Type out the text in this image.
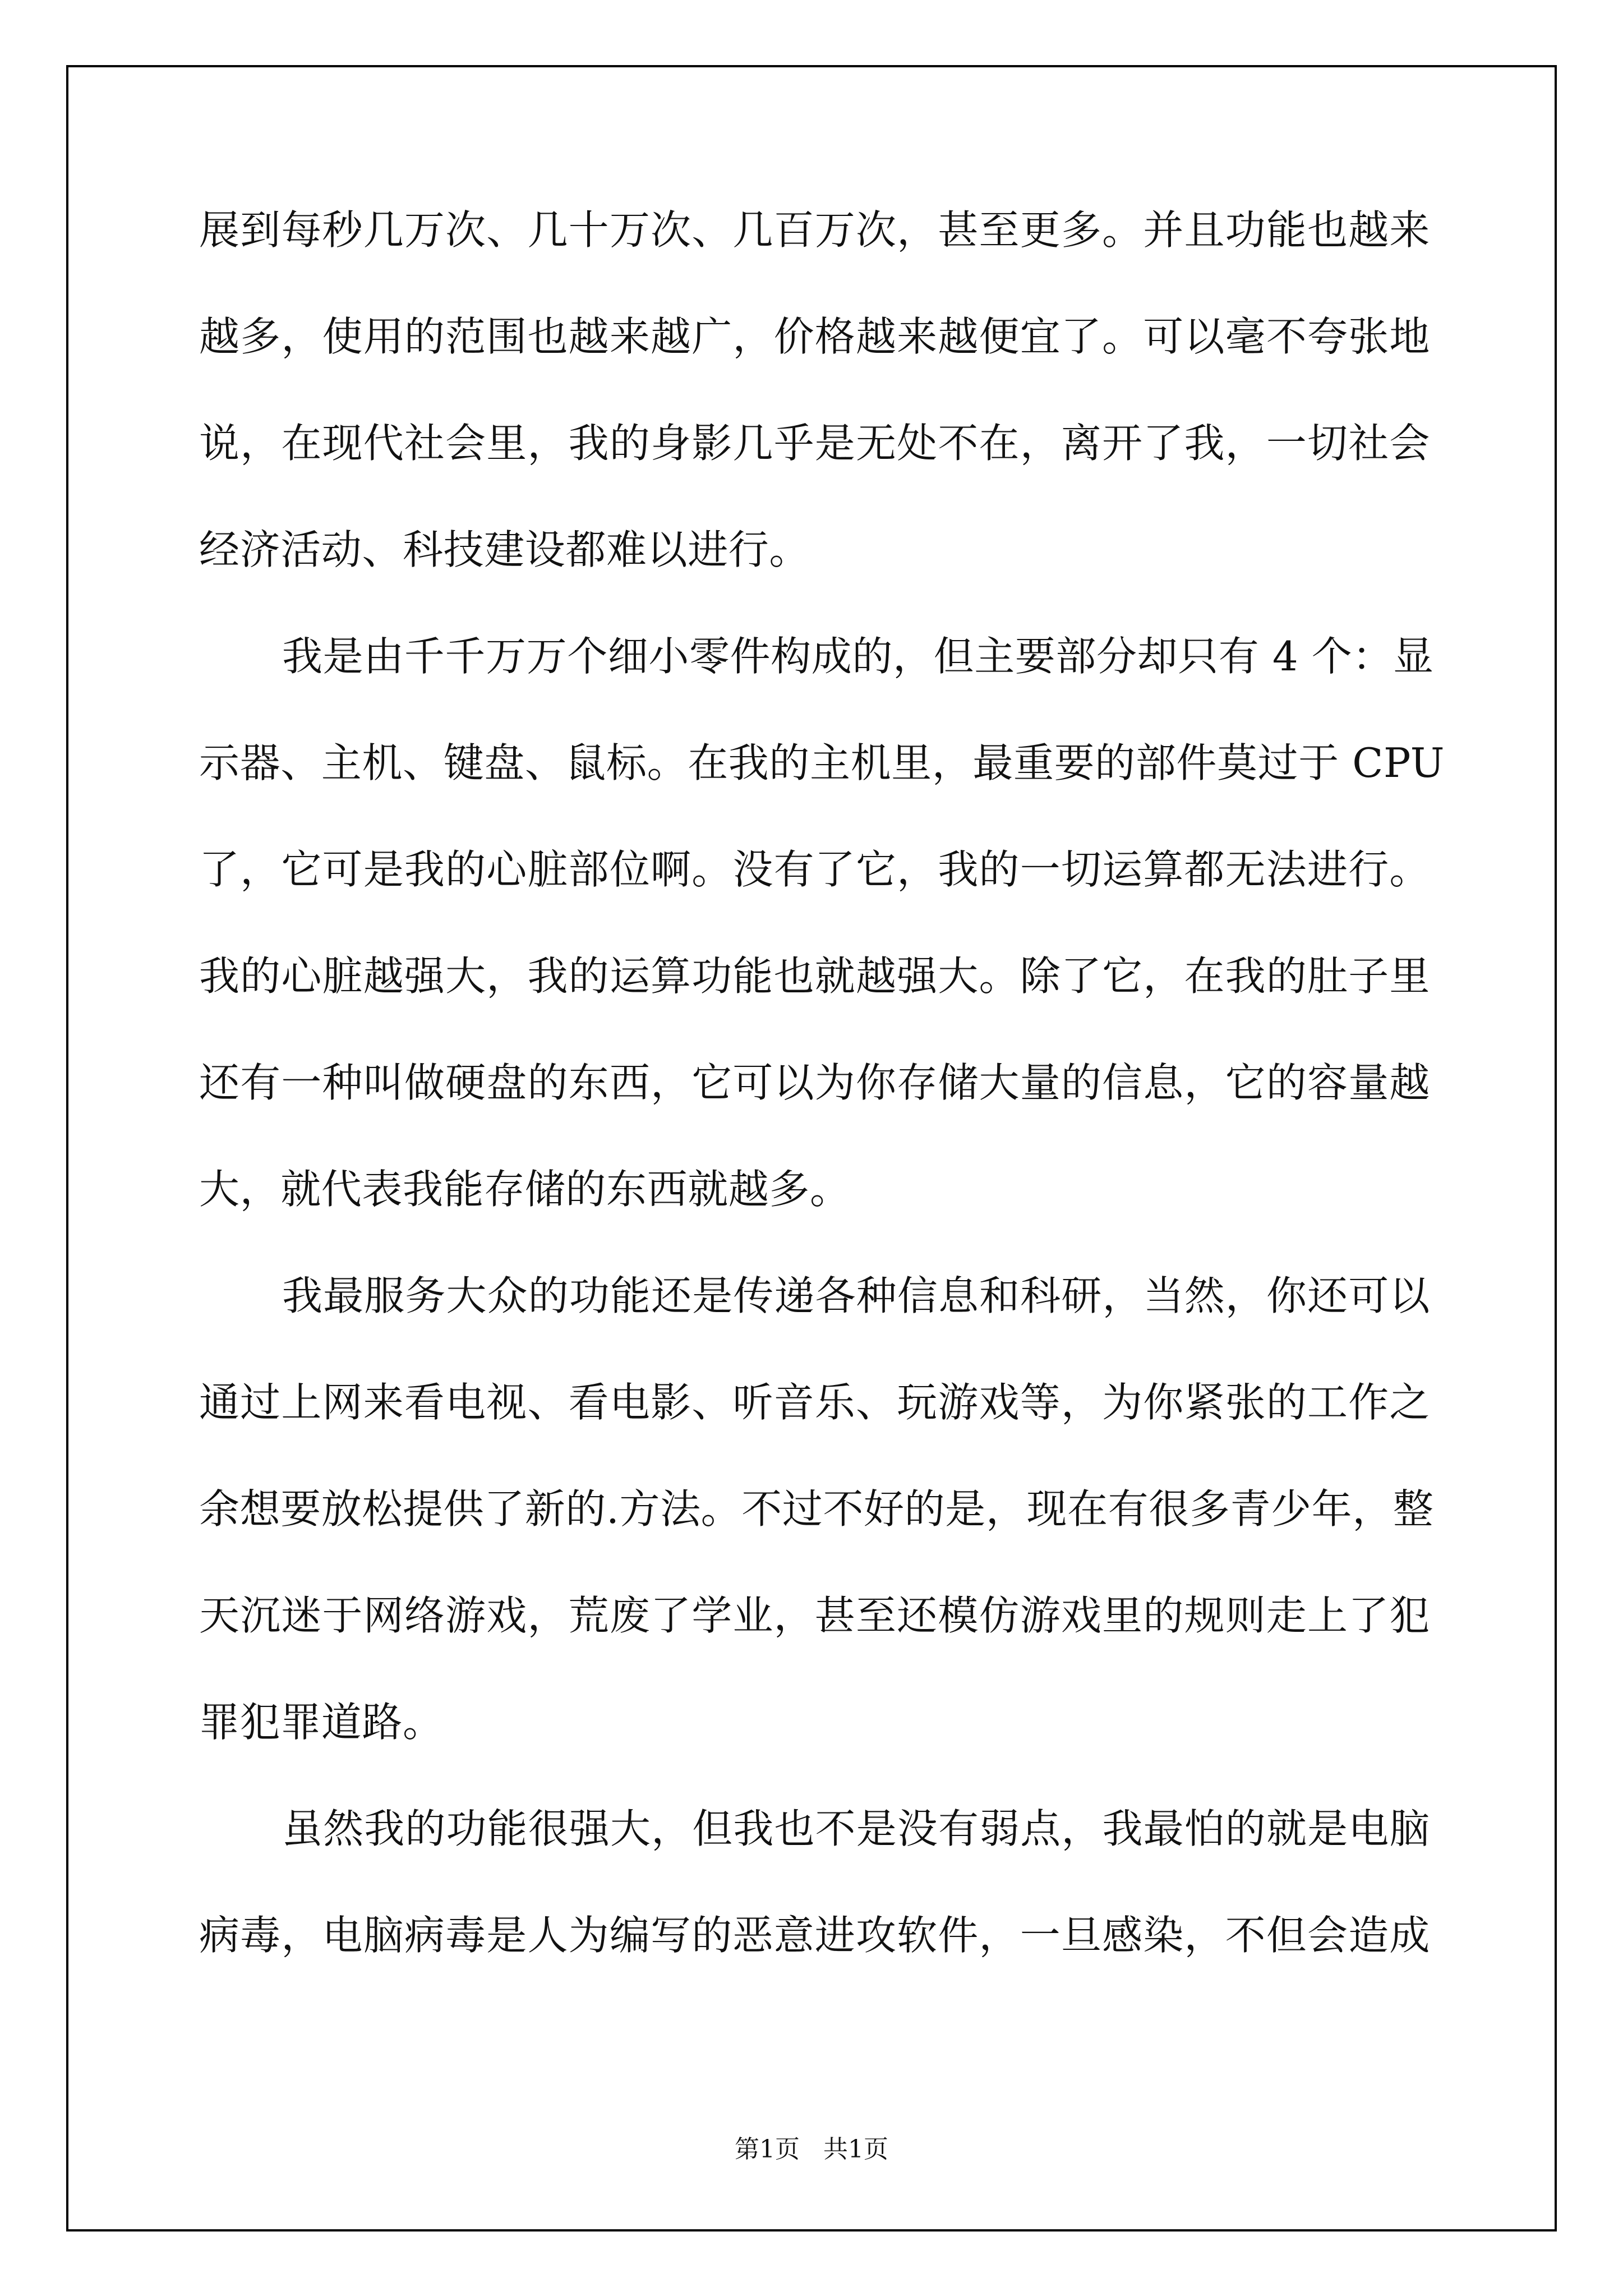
展到每秒几万次、几十万次、几百万次，甚至更多。并且功能也越来

越多，使用的范围也越来越广，价格越来越便宜了。可以毫不夸张地

说，在现代社会里，我的身影几乎是无处不在，离开了我，一切社会

经济活动、科技建设都难以进行。

我是由千千万万个细小零件构成的，但主要部分却只有 4 个：显

示器、主机、键盘、鼠标。在我的主机里，最重要的部件莫过于 CPU

了，它可是我的心脏部位啊。没有了它，我的一切运算都无法进行。

我的心脏越强大，我的运算功能也就越强大。除了它，在我的肚子里

还有一种叫做硬盘的东西，它可以为你存储大量的信息，它的容量越

大，就代表我能存储的东西就越多。

我最服务大众的功能还是传递各种信息和科研，当然，你还可以

通过上网来看电视、看电影、听音乐、玩游戏等，为你紧张的工作之

余想要放松提供了新的.方法。不过不好的是，现在有很多青少年，整

天沉迷于网络游戏，荒废了学业，甚至还模仿游戏里的规则走上了犯

罪犯罪道路。

虽然我的功能很强大，但我也不是没有弱点，我最怕的就是电脑

病毒，电脑病毒是人为编写的恶意进攻软件，一旦感染，不但会造成

第1页 共1页
